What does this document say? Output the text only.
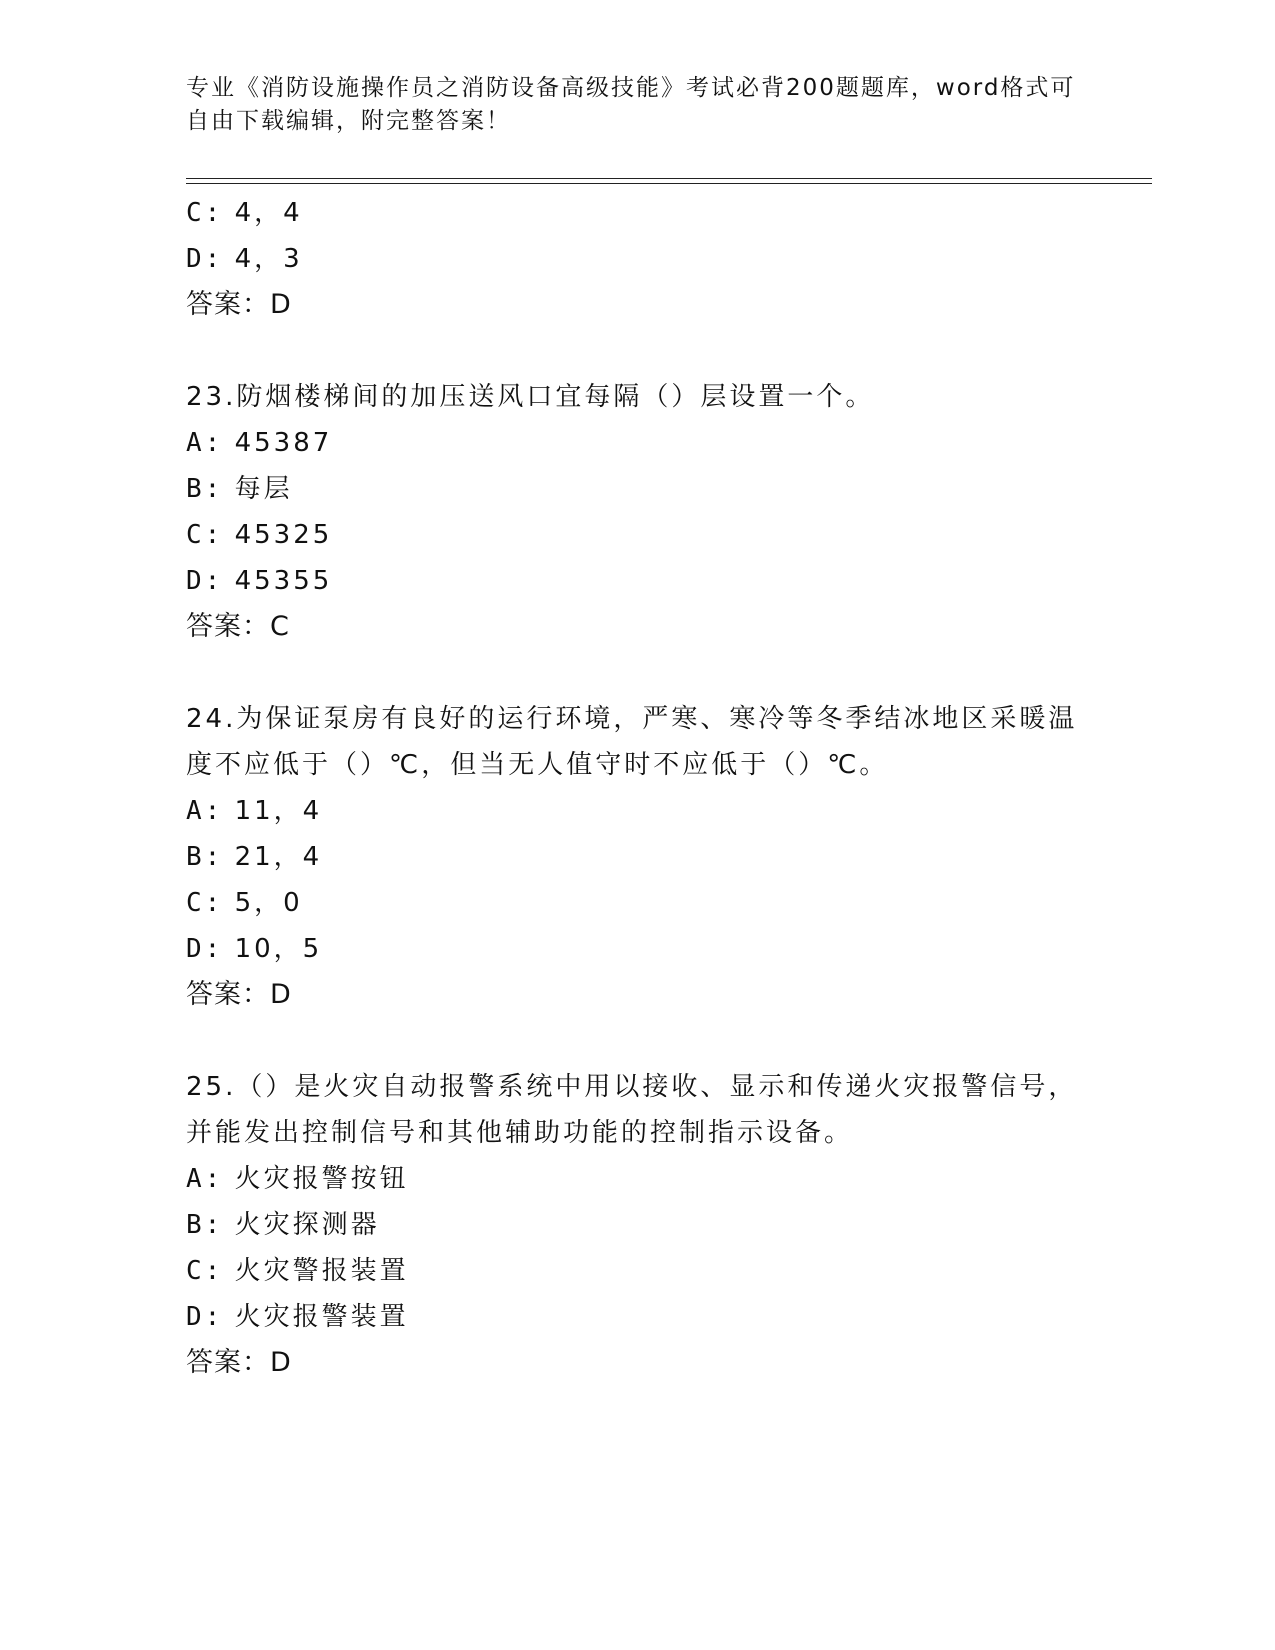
专业《消防设施操作员之消防设备高级技能》考试必背200题题库，word格式可
自由下载编辑，附完整答案！
C: 4，4
D: 4，3
答案：D
23.防烟楼梯间的加压送风口宜每隔（）层设置一个。
A: 45387
B: 每层
C: 45325
D: 45355
答案：C
24.为保证泵房有良好的运行环境，严寒、寒冷等冬季结冰地区采暖温
度不应低于（）℃，但当无人值守时不应低于（）℃。
A: 11，4
B: 21，4
C: 5，0
D: 10，5
答案：D
25.（）是火灾自动报警系统中用以接收、显示和传递火灾报警信号，
并能发出控制信号和其他辅助功能的控制指示设备。
A: 火灾报警按钮
B: 火灾探测器
C: 火灾警报装置
D: 火灾报警装置
答案：D
